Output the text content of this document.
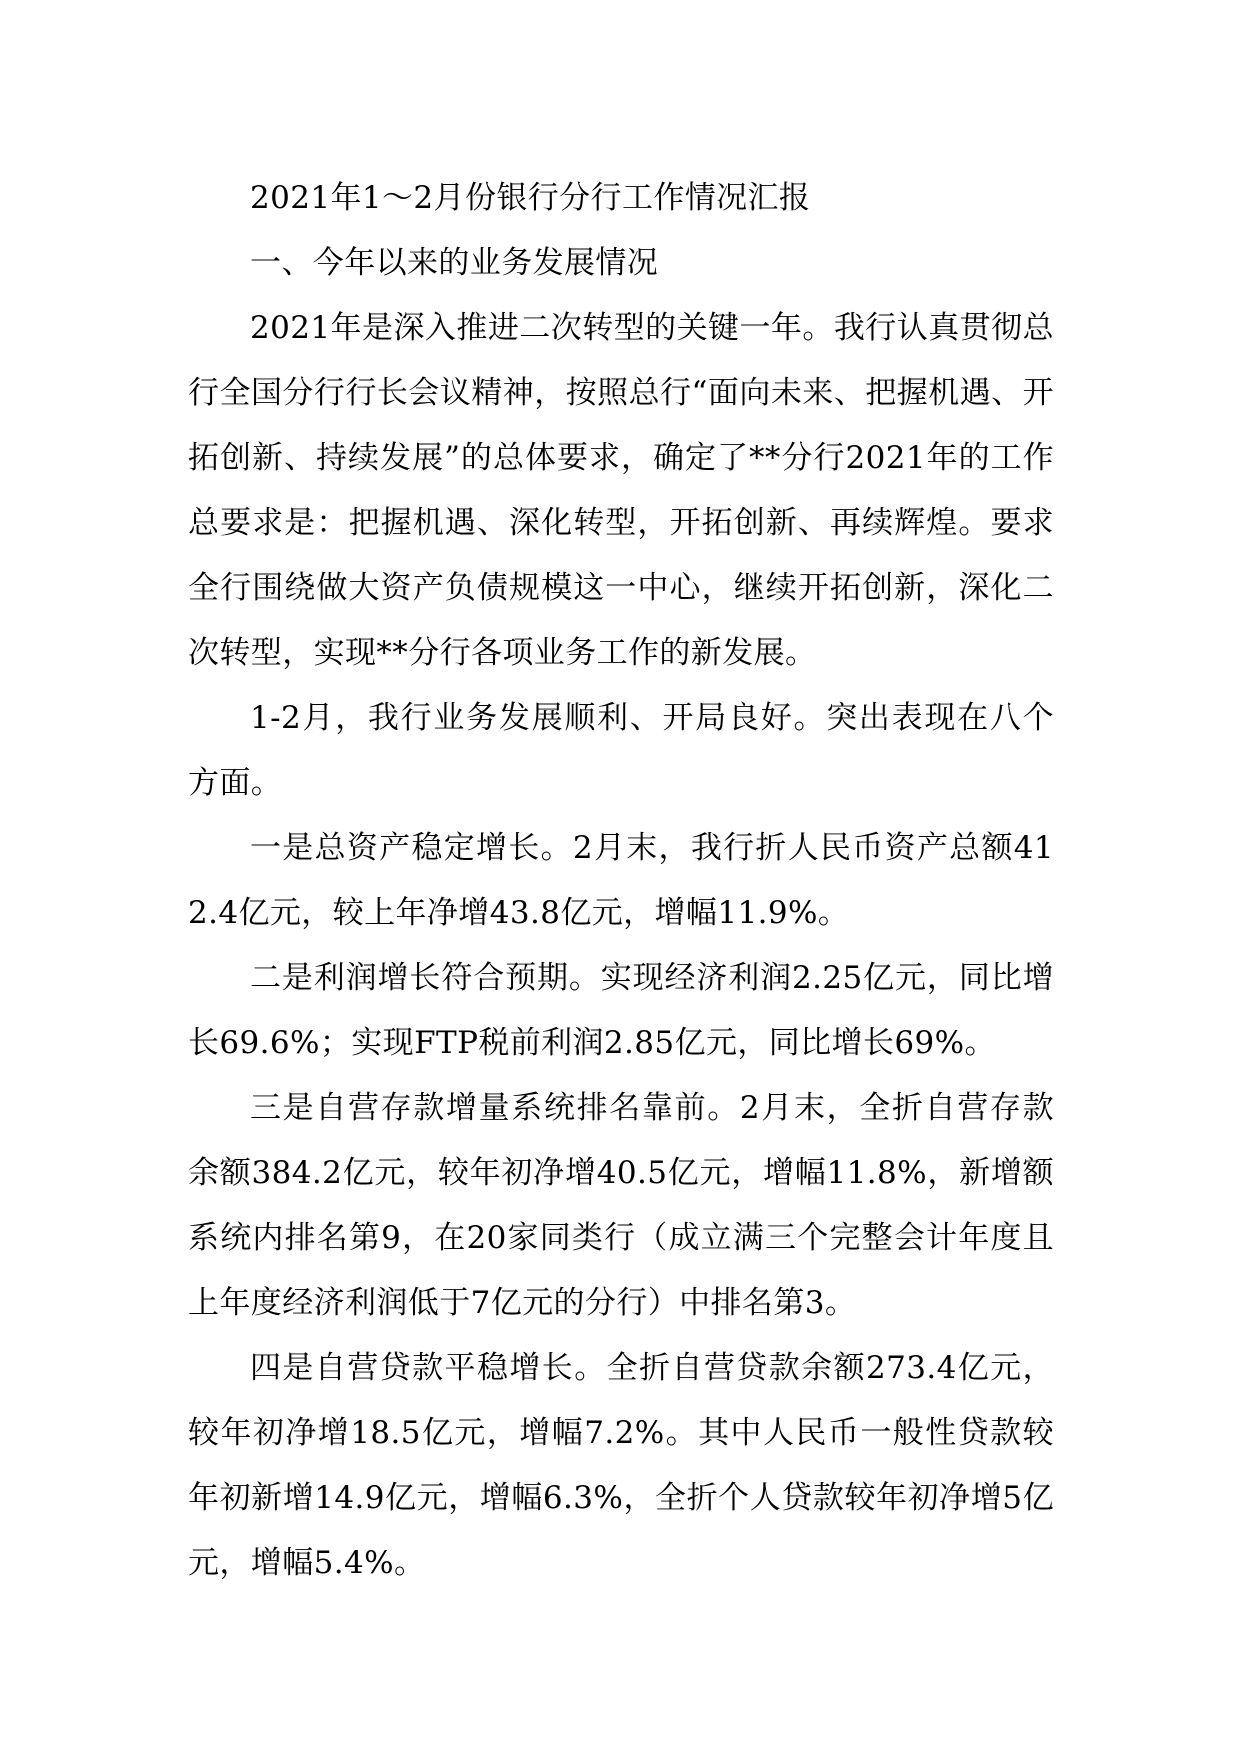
2021年1～2月份银行分行工作情况汇报

一、今年以来的业务发展情况

2021年是深入推进二次转型的关键一年。我行认真贯彻总行全国分行行长会议精神，按照总行“面向未来、把握机遇、开拓创新、持续发展”的总体要求，确定了**分行2021年的工作总要求是：把握机遇、深化转型，开拓创新、再续辉煌。要求全行围绕做大资产负债规模这一中心，继续开拓创新，深化二次转型，实现**分行各项业务工作的新发展。

1-2月，我行业务发展顺利、开局良好。突出表现在八个方面。

一是总资产稳定增长。2月末，我行折人民币资产总额412.4亿元，较上年净增43.8亿元，增幅11.9%。

二是利润增长符合预期。实现经济利润2.25亿元，同比增长69.6%；实现FTP税前利润2.85亿元，同比增长69%。

三是自营存款增量系统排名靠前。2月末，全折自营存款余额384.2亿元，较年初净增40.5亿元，增幅11.8%，新增额系统内排名第9，在20家同类行（成立满三个完整会计年度且上年度经济利润低于7亿元的分行）中排名第3。

四是自营贷款平稳增长。全折自营贷款余额273.4亿元，较年初净增18.5亿元，增幅7.2%。其中人民币一般性贷款较年初新增14.9亿元，增幅6.3%，全折个人贷款较年初净增5亿元，增幅5.4%。
